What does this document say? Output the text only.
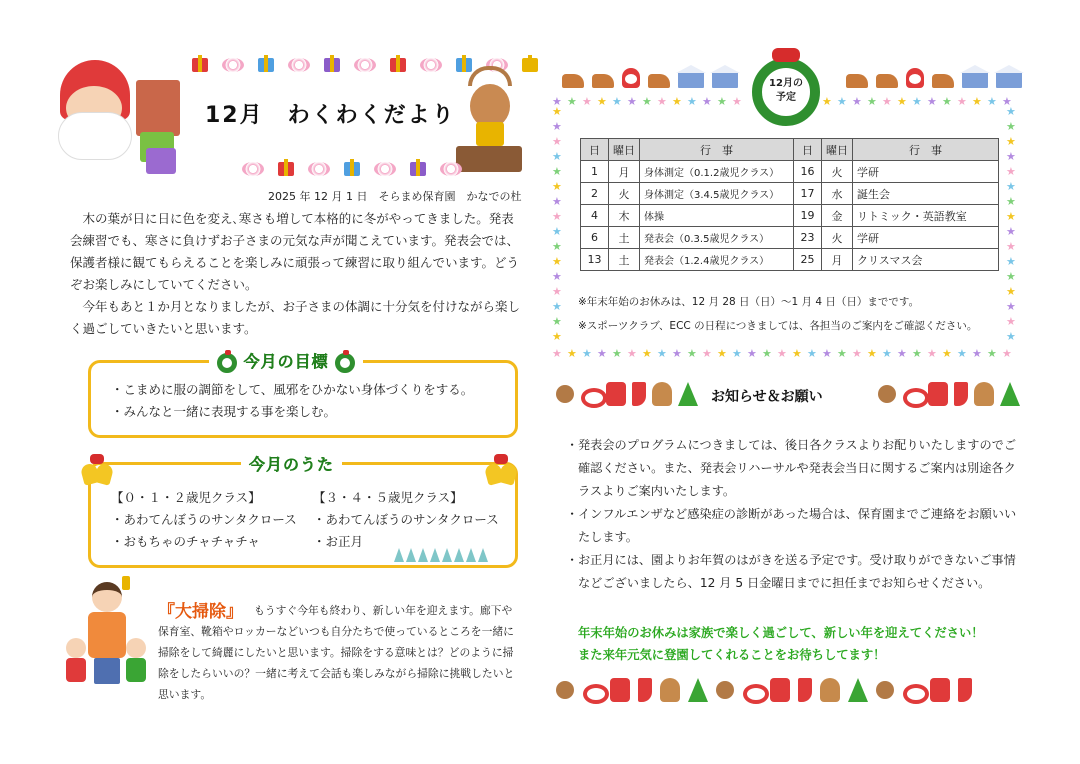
12月　わくわくだより
2025 年 12 月 1 日　そらまめ保育園　かなでの杜

木の葉が日に日に色を変え､寒さも増して本格的に冬がやってきました。発表会練習でも、寒さに負けずお子さまの元気な声が聞こえています。発表会では、保護者様に観てもらえることを楽しみに頑張って練習に取り組んでいます。どうぞお楽しみにしていてください。

今年もあと１か月となりましたが、お子さまの体調に十分気を付けながら楽しく過ごしていきたいと思います。

今月の目標
・こまめに服の調節をして、風邪をひかない身体づくりをする。
・みんなと一緒に表現する事を楽しむ。
今月のうた
【０・１・２歳児クラス】
・あわてんぼうのサンタクロース
・おもちゃのチャチャチャ
【３・４・５歳児クラス】
・あわてんぼうのサンタクロース
・お正月
『大掃除』	もうすぐ今年も終わり、新しい年を迎えます。廊下や保育室、靴箱やロッカーなどいつも自分たちで使っているところを一緒に掃除をして綺麗にしたいと思います。掃除をする意味とは？どのように掃除をしたらいいの？一緒に考えて会話も楽しみながら掃除に挑戦したいと思います。

12月の
予定
★ ★ ★ ★ ★ ★ ★ ★ ★ ★ ★ ★ ★ ★ ★ ★ ★ ★ ★ ★ ★ ★ ★ ★ ★ ★ ★ ★ ★ ★ ★
★	★
★	★
★	★
★	★
★	★
★	★
★	★
★	★
★	★
★	★
★	★
★	★
★	★
★	★
★	★
★	★
★ ★ ★ ★ ★ ★ ★ ★ ★ ★ ★ ★ ★	★ ★ ★ ★ ★ ★ ★ ★ ★ ★ ★ ★ ★
日	曜日	行　事	日	曜日	行　事
1	月	身体測定（0.1.2歳児クラス）	16	火	学研
2	火	身体測定（3.4.5歳児クラス）	17	水	誕生会
4	木	体操	19	金	リトミック・英語教室
6	土	発表会（0.3.5歳児クラス）	23	火	学研
13	土	発表会（1.2.4歳児クラス）	25	月	クリスマス会
※年末年始のお休みは、12 月 28 日（日）～1 月 4 日（日）までです。
※スポーツクラブ、ECC の日程につきましては、各担当のご案内をご確認ください。
お知らせ＆お願い
・ 発表会のプログラムにつきましては、後日各クラスよりお配りいたしますのでご確認ください。また、発表会リハーサルや発表会当日に関するご案内は別途各クラスよりご案内いたします。
・ インフルエンザなど感染症の診断があった場合は、保育園までご連絡をお願いいたします。
・ お正月には、園よりお年賀のはがきを送る予定です。受け取りができないご事情などございましたら、12 月 5 日金曜日までに担任までお知らせください。
年末年始のお休みは家族で楽しく過ごして、新しい年を迎えてください！
また来年元気に登園してくれることをお待ちしてます！
